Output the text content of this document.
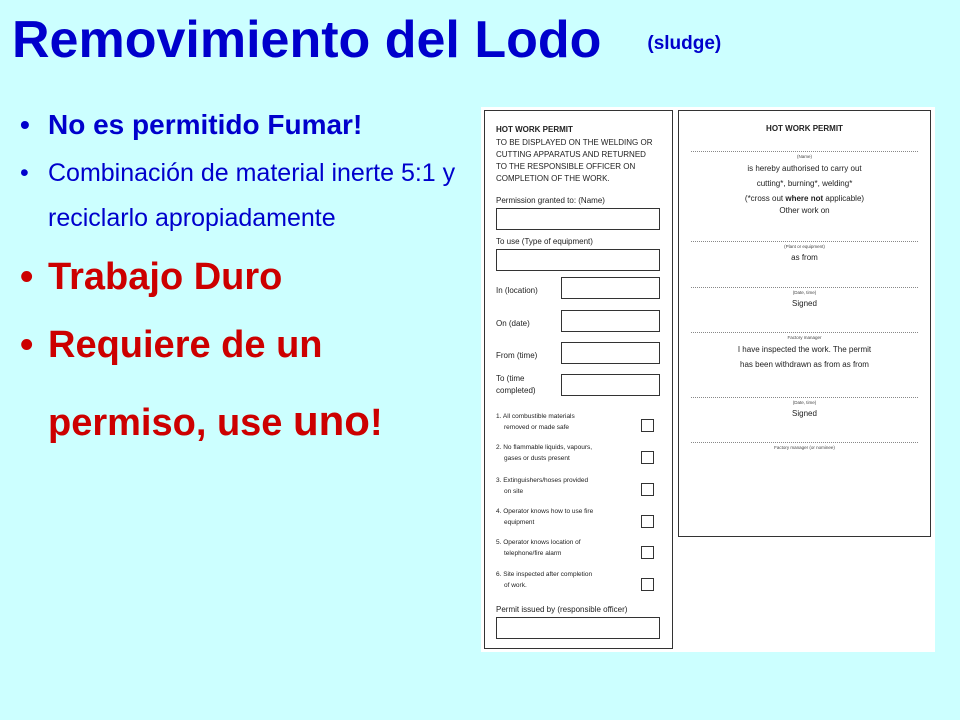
Removimiento del Lodo (sludge)
• No es permitido Fumar!
• Combinación de material inerte 5:1 y reciclarlo apropiadamente
• Trabajo Duro
• Requiere de un permiso, use uno!
HOT WORK PERMIT
TO BE DISPLAYED ON THE WELDING OR
CUTTING APPARATUS AND RETURNED
TO THE RESPONSIBLE OFFICER ON
COMPLETION OF THE WORK.
Permission granted to: (Name)
To use (Type of equipment)
In (location)
On (date)
From (time)
To (time
completed)
1. All combustible materials
removed or made safe
2. No flammable liquids, vapours,
gases or dusts present
3. Extinguishers/hoses provided
on site
4. Operator knows how to use fire
equipment
5. Operator knows location of
telephone/fire alarm
6. Site inspected after completion
of work.
Permit issued by (responsible officer)
HOT WORK PERMIT
(Name)
is hereby authorised to carry out
cutting*, burning*, welding*
(*cross out where not applicable)
Other work on
(Plant or equipment)
as from
(Date, time)
Signed
Factory manager
I have inspected the work. The permit
has been withdrawn as from as from
(Date, time)
Signed
Factory manager (or nominee)
